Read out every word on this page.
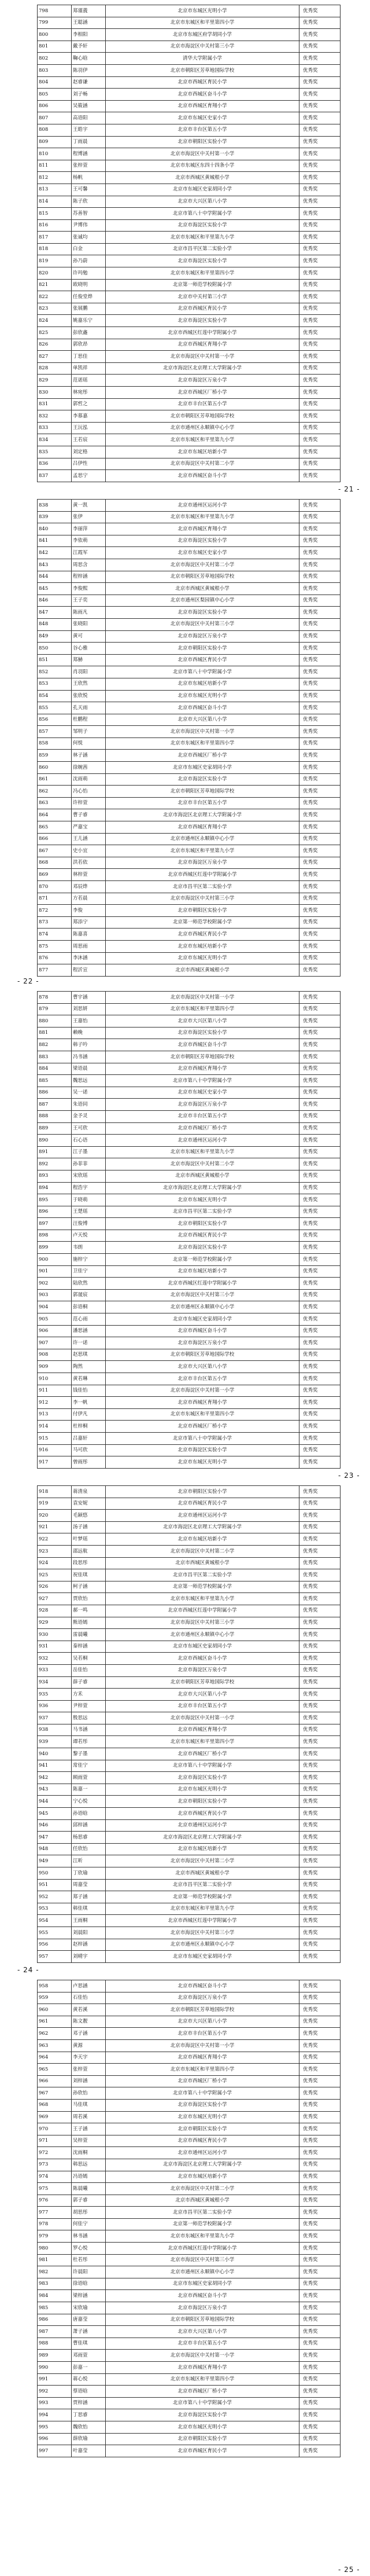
798	郑谨義	北京市东城区光明小学	优秀奖
799	王聪涵	北京市东城区和平里第四小学	优秀奖
800	李相阳	北京市东城区府学胡同小学	优秀奖
801	戴予轩	北京市海淀区中关村第三小学	优秀奖
802	鞠心晗	清华大学附属小学	优秀奖
803	陈羽伊	北京市朝阳区芳草地国际学校	优秀奖
804	赵睿谦	北京市西城区育民小学	优秀奖
805	刘子畅	北京市西城区奋斗小学	优秀奖
806	吴筱涵	北京市西城区育翔小学	优秀奖
807	高语阳	北京市东城区史家小学	优秀奖
808	王皓宇	北京市丰台区第五小学	优秀奖
809	丁雨晨	北京市朝阳区实验小学	优秀奖
810	程博涵	北京市海淀区中关村第一小学	优秀奖
811	张梓萱	北京市东城区东四十四条小学	优秀奖
812	杨帆	北京市西城区黄城根小学	优秀奖
813	王可馨	北京市东城区史家胡同小学	优秀奖
814	陈子欣	北京市大兴区第八小学	优秀奖
815	苏善智	北京市第八十中学附属小学	优秀奖
816	尹博伟	北京市海淀区实验小学	优秀奖
817	张诚均	北京市东城区和平里第九小学	优秀奖
818	白金	北京市昌平区第二实验小学	优秀奖
819	孙乃蔚	北京市海淀区实验小学	优秀奖
820	许玛勉	北京市东城区和平里第四小学	优秀奖
821	欧晓明	北京第一师范学校附属小学	优秀奖
822	任俊堂烨	北京市中关村第三小学	优秀奖
823	张展鹏	北京市西城区育民小学	优秀奖
824	姚嘉乐宁	北京市海淀区实验小学	优秀奖
825	彭欣鑫	北京市西城区红莲中学附属小学	优秀奖
826	郭欣昂	北京市西城区育翔小学	优秀奖
827	丁思佳	北京市海淀区中关村第一小学	优秀奖
828	单凯祥	北京市海淀区北京理工大学附属小学	优秀奖
829	范诺瑶	北京市海淀区万泉小学	优秀奖
830	林宛彤	北京市西城区厂桥小学	优秀奖
831	郭哲之	北京市丰台区第五小学	优秀奖
832	李慕嘉	北京市朝阳区芳草地国际学校	优秀奖
833	王沅泓	北京市通州区永顺镇中心小学	优秀奖
834	王若宸	北京市东城区和平里第九小学	优秀奖
835	刘定格	北京市东城区培新小学	优秀奖
836	吕伊性	北京市海淀区中关村第二小学	优秀奖
837	孟思宁	北京市西城区奋斗小学	优秀奖
- 21 -
838	黄一凯	北京市通州区运河小学	优秀奖
839	张伊	北京市东城区和平里第九小学	优秀奖
840	李丽萍	北京市西城区育翔小学	优秀奖
841	李依萌	北京市海淀区实验小学	优秀奖
842	江霞军	北京市东城区史家小学	优秀奖
843	周思含	北京市海淀区中关村第二小学	优秀奖
844	程梓涵	北京市朝阳区芳草地国际学校	优秀奖
845	李俊熙	北京市西城区黄城根小学	优秀奖
846	王子奕	北京市通州区梨园镇中心小学	优秀奖
847	陈雨凡	北京市海淀区实验小学	优秀奖
848	张晓阳	北京市海淀区中关村第三小学	优秀奖
849	黄可	北京市海淀区万泉小学	优秀奖
850	谷心雅	北京市朝阳区实验小学	优秀奖
851	郑赫	北京市西城区育民小学	优秀奖
852	肖羽阳	北京市第八十中学附属小学	优秀奖
853	王欣然	北京市东城区培新小学	优秀奖
854	张欣悦	北京市东城区光明小学	优秀奖
855	孔天雨	北京市西城区奋斗小学	优秀奖
856	杜鹏程	北京市大兴区第八小学	优秀奖
857	邹明子	北京市海淀区中关村第一小学	优秀奖
858	何悦	北京市东城区和平里第四小学	优秀奖
859	林子涵	北京市西城区厂桥小学	优秀奖
860	徐婉茜	北京市东城区史家胡同小学	优秀奖
861	沈雨萌	北京市海淀区实验小学	优秀奖
862	冯心怡	北京市朝阳区芳草地国际学校	优秀奖
863	许梓萱	北京市丰台区第五小学	优秀奖
864	曹子睿	北京市海淀区北京理工大学附属小学	优秀奖
865	严嘉宝	北京市西城区育翔小学	优秀奖
866	王儿涵	北京市通州区永顺镇中心小学	优秀奖
867	史小宜	北京市东城区和平里第九小学	优秀奖
868	洪若依	北京市海淀区万泉小学	优秀奖
869	林梓萱	北京市西城区红莲中学附属小学	优秀奖
870	邓辰烨	北京市昌平区第二实验小学	优秀奖
871	方若晨	北京市海淀区中关村第三小学	优秀奖
872	李俊	北京市朝阳区实验小学	优秀奖
873	郑添宁	北京第一师范学校附属小学	优秀奖
874	陈嘉喜	北京市西城区育民小学	优秀奖
875	周思雨	北京市东城区培新小学	优秀奖
876	李沐涵	北京市东城区光明小学	优秀奖
877	程沂宣	北京市西城区黄城根小学	优秀奖
- 22 -
878	曹宇涵	北京市海淀区中关村第一小学	优秀奖
879	刘思妍	北京市东城区和平里第四小学	优秀奖
880	王嘉怡	北京市大兴区第八小学	优秀奖
881	赖晚	北京市海淀区实验小学	优秀奖
882	韩子吟	北京市西城区奋斗小学	优秀奖
883	冯书涵	北京市朝阳区芳草地国际学校	优秀奖
884	梁语晨	北京市西城区育翔小学	优秀奖
885	魏思远	北京市第八十中学附属小学	优秀奖
886	吴一诺	北京市东城区史家小学	优秀奖
887	朱语同	北京市海淀区万泉小学	优秀奖
888	金予灵	北京市丰台区第五小学	优秀奖
889	王可欣	北京市西城区厂桥小学	优秀奖
890	石心语	北京市通州区运河小学	优秀奖
891	江子墨	北京市东城区和平里第九小学	优秀奖
892	孙菲菲	北京市海淀区中关村第二小学	优秀奖
893	宋欣瑶	北京市西城区黄城根小学	优秀奖
894	程浩宇	北京市海淀区北京理工大学附属小学	优秀奖
895	于晓萌	北京市东城区光明小学	优秀奖
896	王楚瑶	北京市昌平区第二实验小学	优秀奖
897	汪俊博	北京市朝阳区实验小学	优秀奖
898	卢天悦	北京市西城区育民小学	优秀奖
899	韦朗	北京市海淀区实验小学	优秀奖
900	施梓宁	北京第一师范学校附属小学	优秀奖
901	卫佳宁	北京市东城区培新小学	优秀奖
902	陆欣然	北京市西城区红莲中学附属小学	优秀奖
903	郭晟宸	北京市海淀区中关村第三小学	优秀奖
904	彭语桐	北京市通州区永顺镇中心小学	优秀奖
905	范心雨	北京市东城区史家胡同小学	优秀奖
906	潘思涵	北京市西城区奋斗小学	优秀奖
907	许一诺	北京市海淀区万泉小学	优秀奖
908	赵思琪	北京市朝阳区芳草地国际学校	优秀奖
909	陶然	北京市大兴区第八小学	优秀奖
910	黄若琳	北京市丰台区第五小学	优秀奖
911	钱佳怡	北京市海淀区中关村第一小学	优秀奖
912	李一帆	北京市西城区育翔小学	优秀奖
913	付伊凡	北京市东城区和平里第四小学	优秀奖
914	杜梓桐	北京市西城区厂桥小学	优秀奖
915	吕嘉轩	北京市第八十中学附属小学	优秀奖
916	马可欣	北京市海淀区实验小学	优秀奖
917	曾雨彤	北京市东城区光明小学	优秀奖
- 23 -
918	蒋清泉	北京市朝阳区实验小学	优秀奖
919	袁安妮	北京市西城区育民小学	优秀奖
920	毛颖悠	北京市通州区运河小学	优秀奖
921	汤子涵	北京市海淀区北京理工大学附属小学	优秀奖
922	叶梦瑶	北京市东城区培新小学	优秀奖
923	邵远航	北京市海淀区中关村第二小学	优秀奖
924	段思彤	北京市西城区黄城根小学	优秀奖
925	祝佳琪	北京市昌平区第二实验小学	优秀奖
926	柯子涵	北京第一师范学校附属小学	优秀奖
927	贾欣怡	北京市东城区和平里第九小学	优秀奖
928	郝一鸣	北京市西城区红莲中学附属小学	优秀奖
929	熊语嫣	北京市海淀区中关村第三小学	优秀奖
930	雷晨曦	北京市通州区永顺镇中心小学	优秀奖
931	秦梓涵	北京市东城区史家胡同小学	优秀奖
932	吴若桐	北京市西城区奋斗小学	优秀奖
933	岳佳怡	北京市海淀区万泉小学	优秀奖
934	薛子睿	北京市朝阳区芳草地国际学校	优秀奖
935	方禾	北京市大兴区第八小学	优秀奖
936	尹梓萱	北京市丰台区第五小学	优秀奖
937	殷思远	北京市海淀区中关村第一小学	优秀奖
938	马书涵	北京市西城区育翔小学	优秀奖
939	谭若彤	北京市东城区和平里第四小学	优秀奖
940	黎子墨	北京市西城区厂桥小学	优秀奖
941	常佳宁	北京市第八十中学附属小学	优秀奖
942	顾雨萱	北京市海淀区实验小学	优秀奖
943	陈嘉一	北京市东城区光明小学	优秀奖
944	宁心悦	北京市朝阳区实验小学	优秀奖
945	孙语晗	北京市西城区育民小学	优秀奖
946	邱梓涵	北京市通州区运河小学	优秀奖
947	杨思睿	北京市海淀区北京理工大学附属小学	优秀奖
948	任欣怡	北京市东城区培新小学	优秀奖
949	江昕	北京市海淀区中关村第二小学	优秀奖
950	丁欣瑜	北京市西城区黄城根小学	优秀奖
951	周嘉莹	北京市昌平区第二实验小学	优秀奖
952	郑子涵	北京第一师范学校附属小学	优秀奖
953	韩佳琪	北京市东城区和平里第九小学	优秀奖
954	王雨桐	北京市西城区红莲中学附属小学	优秀奖
955	刘晨阳	北京市海淀区中关村第三小学	优秀奖
956	赵梓涵	北京市通州区永顺镇中心小学	优秀奖
957	刘晴宇	北京市东城区史家胡同小学	优秀奖
- 24 -
958	卢思涵	北京市西城区奋斗小学	优秀奖
959	石佳怡	北京市海淀区万泉小学	优秀奖
960	黄若溪	北京市朝阳区芳草地国际学校	优秀奖
961	陈文靓	北京市大兴区第八小学	优秀奖
962	邓子涵	北京市丰台区第五小学	优秀奖
963	黄源	北京市海淀区中关村第一小学	优秀奖
964	李天宇	北京市西城区育翔小学	优秀奖
965	张梓萱	北京市东城区和平里第四小学	优秀奖
966	刘梓涵	北京市西城区厂桥小学	优秀奖
967	孙欣怡	北京市第八十中学附属小学	优秀奖
968	马佳琪	北京市海淀区实验小学	优秀奖
969	周若溪	北京市东城区光明小学	优秀奖
970	王子涵	北京市朝阳区实验小学	优秀奖
971	吴梓萱	北京市西城区育民小学	优秀奖
972	沈雨桐	北京市通州区运河小学	优秀奖
973	韩思远	北京市海淀区北京理工大学附属小学	优秀奖
974	冯语嫣	北京市东城区培新小学	优秀奖
975	陈晨曦	北京市海淀区中关村第二小学	优秀奖
976	郭子睿	北京市西城区黄城根小学	优秀奖
977	胡思彤	北京市昌平区第二实验小学	优秀奖
978	何佳宁	北京第一师范学校附属小学	优秀奖
979	林书涵	北京市东城区和平里第九小学	优秀奖
980	罗心悦	北京市西城区红莲中学附属小学	优秀奖
981	杜若彤	北京市海淀区中关村第三小学	优秀奖
982	许晨阳	北京市通州区永顺镇中心小学	优秀奖
983	徐语晗	北京市东城区史家胡同小学	优秀奖
984	梁梓涵	北京市西城区奋斗小学	优秀奖
985	宋欣瑜	北京市海淀区万泉小学	优秀奖
986	唐嘉莹	北京市朝阳区芳草地国际学校	优秀奖
987	萧子涵	北京市大兴区第八小学	优秀奖
988	曹佳琪	北京市丰台区第五小学	优秀奖
989	邓雨萱	北京市海淀区中关村第一小学	优秀奖
990	彭嘉一	北京市西城区育翔小学	优秀奖
991	蒋心悦	北京市东城区和平里第四小学	优秀奖
992	蔡语晗	北京市西城区厂桥小学	优秀奖
993	贾梓涵	北京市第八十中学附属小学	优秀奖
994	丁思睿	北京市海淀区实验小学	优秀奖
995	魏欣怡	北京市东城区光明小学	优秀奖
996	薛欣瑜	北京市朝阳区实验小学	优秀奖
997	叶嘉莹	北京市西城区育民小学	优秀奖
- 25 -
